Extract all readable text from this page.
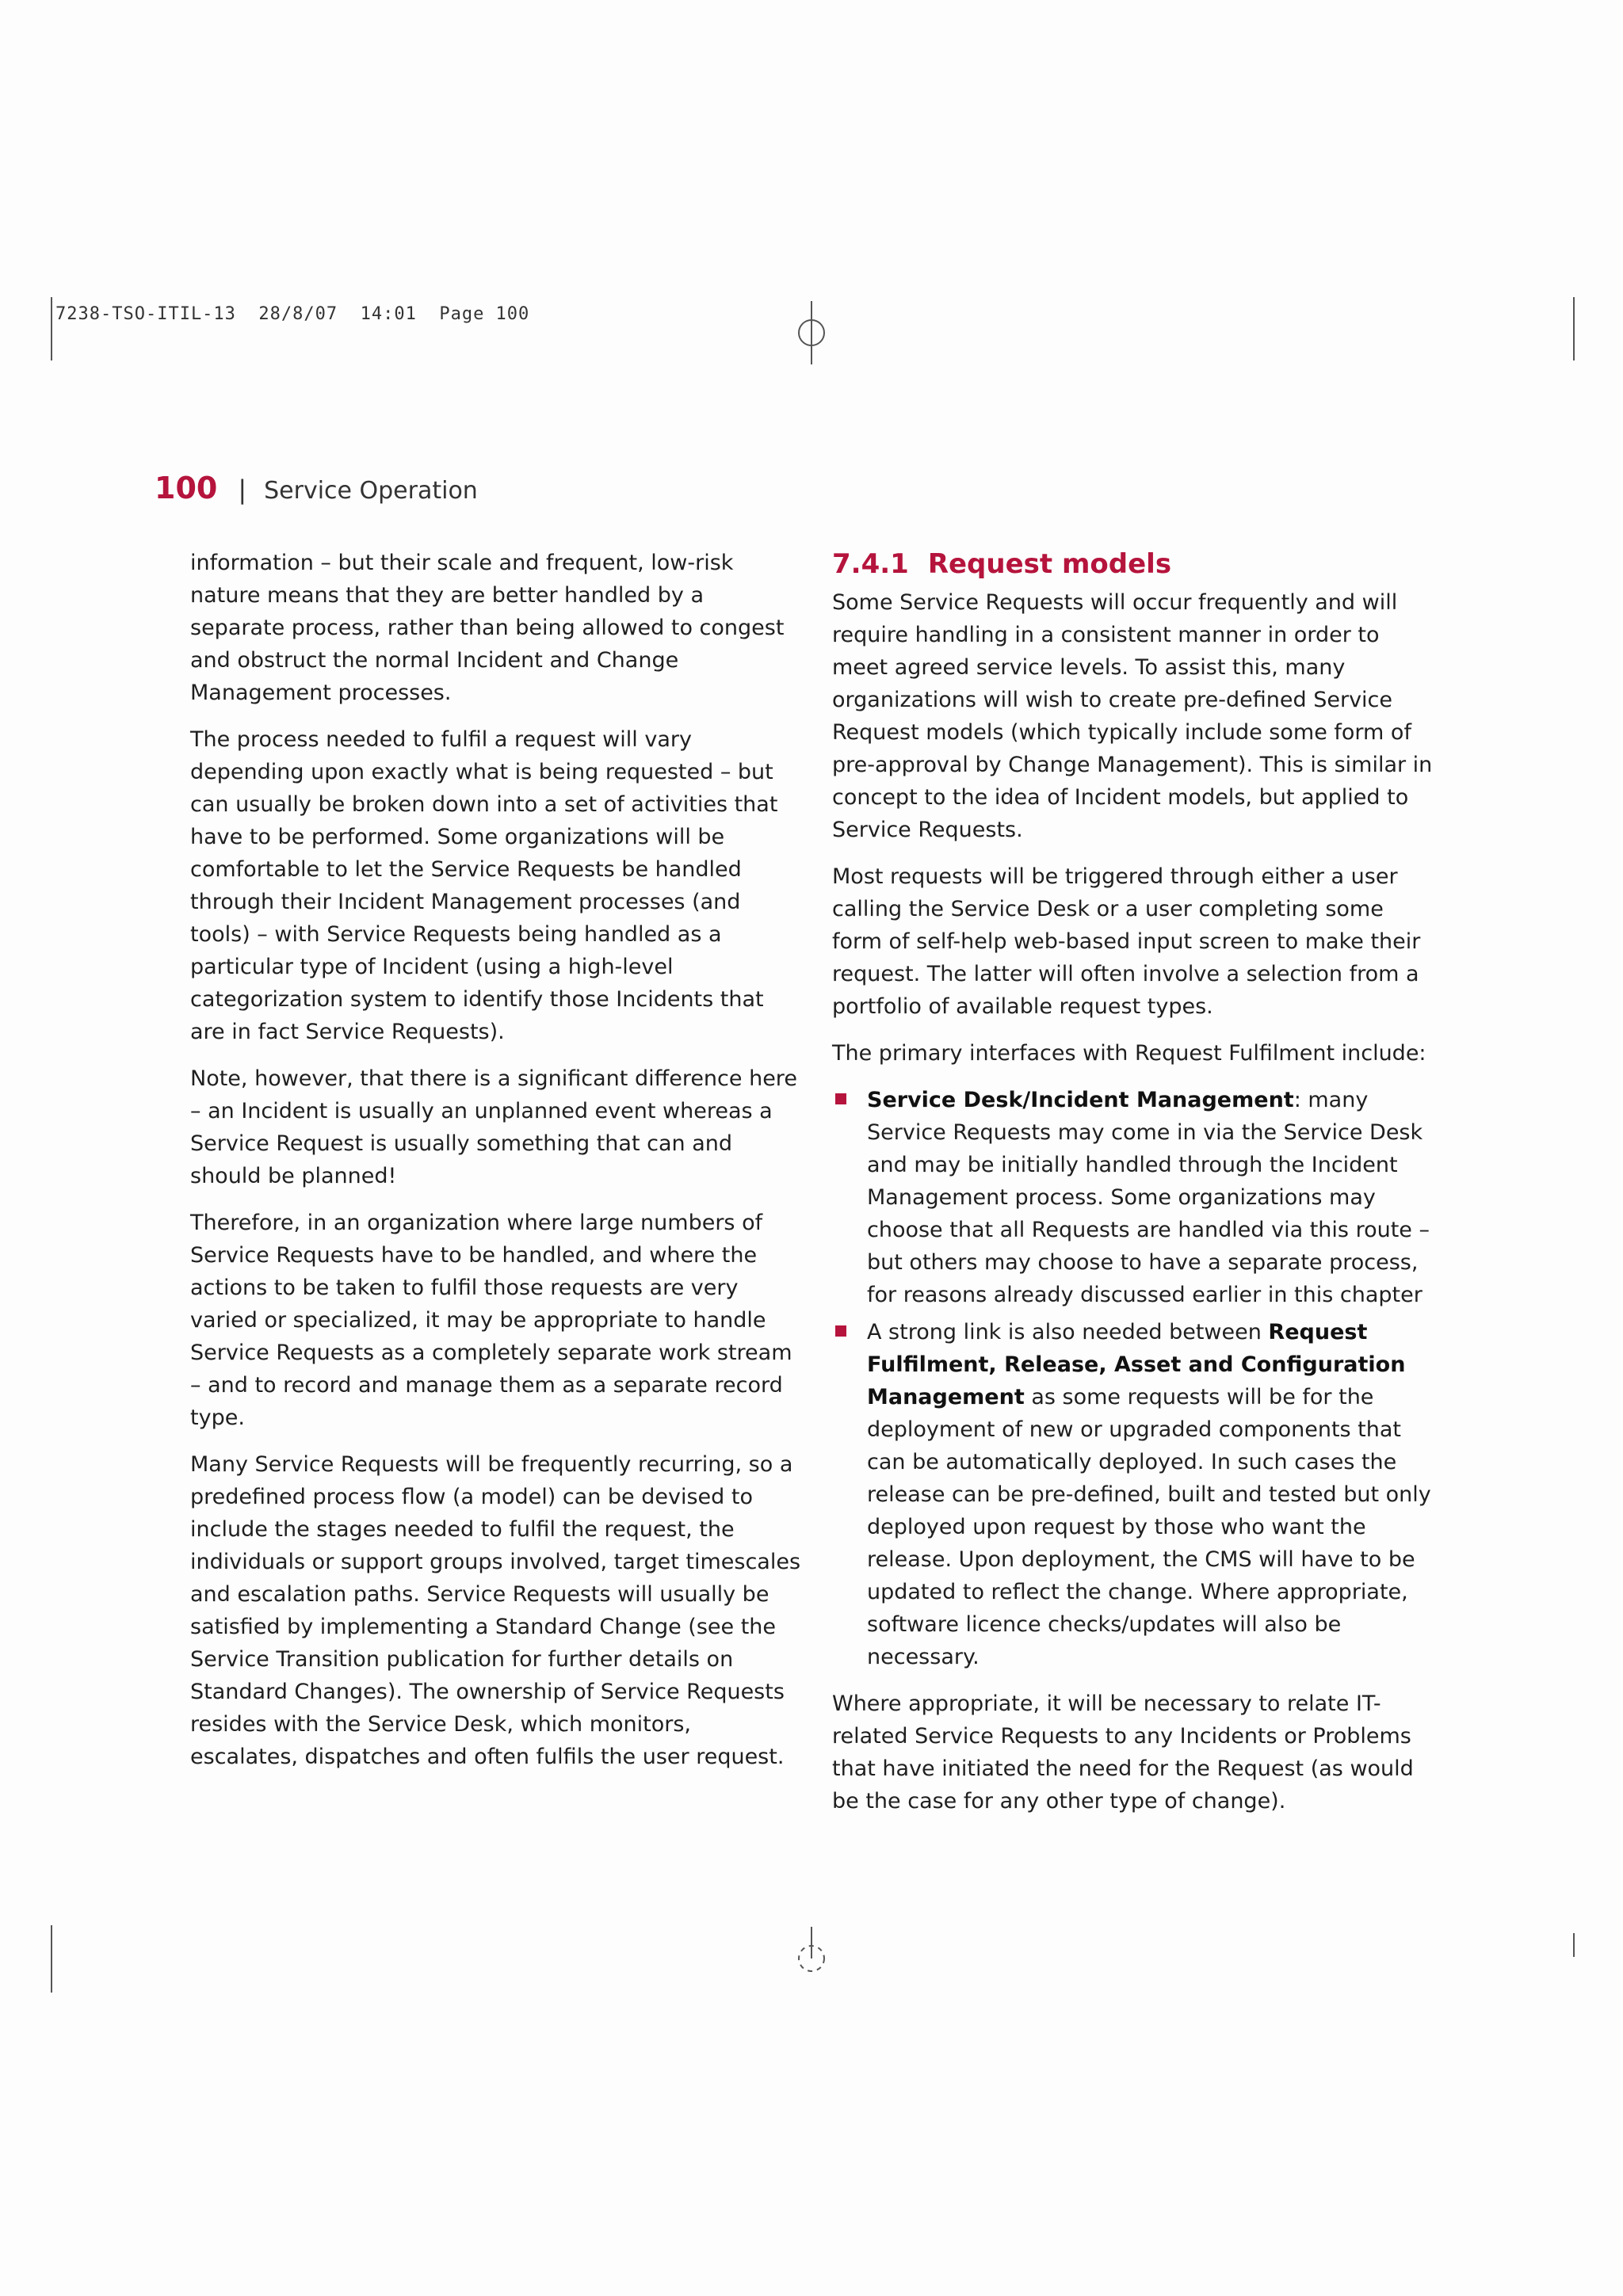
7238-TSO-ITIL-13  28/8/07  14:01  Page 100
100 | Service Operation

information – but their scale and frequent, low-risk nature means that they are better handled by a separate process, rather than being allowed to congest and obstruct the normal Incident and Change Management processes.

The process needed to fulfil a request will vary depending upon exactly what is being requested – but can usually be broken down into a set of activities that have to be performed. Some organizations will be comfortable to let the Service Requests be handled through their Incident Management processes (and tools) – with Service Requests being handled as a particular type of Incident (using a high-level categorization system to identify those Incidents that are in fact Service Requests).

Note, however, that there is a significant difference here – an Incident is usually an unplanned event whereas a Service Request is usually something that can and should be planned!

Therefore, in an organization where large numbers of Service Requests have to be handled, and where the actions to be taken to fulfil those requests are very varied or specialized, it may be appropriate to handle Service Requests as a completely separate work stream – and to record and manage them as a separate record type.

Many Service Requests will be frequently recurring, so a predefined process flow (a model) can be devised to include the stages needed to fulfil the request, the individuals or support groups involved, target timescales and escalation paths. Service Requests will usually be satisfied by implementing a Standard Change (see the Service Transition publication for further details on Standard Changes). The ownership of Service Requests resides with the Service Desk, which monitors, escalates, dispatches and often fulfils the user request.

7.4.1 Request models

Some Service Requests will occur frequently and will require handling in a consistent manner in order to meet agreed service levels. To assist this, many organizations will wish to create pre-defined Service Request models (which typically include some form of pre-approval by Change Management). This is similar in concept to the idea of Incident models, but applied to Service Requests.

Most requests will be triggered through either a user calling the Service Desk or a user completing some form of self-help web-based input screen to make their request. The latter will often involve a selection from a portfolio of available request types.

The primary interfaces with Request Fulfilment include:

Service Desk/Incident Management: many Service Requests may come in via the Service Desk and may be initially handled through the Incident Management process. Some organizations may choose that all Requests are handled via this route – but others may choose to have a separate process, for reasons already discussed earlier in this chapter
A strong link is also needed between Request Fulfilment, Release, Asset and Configuration Management as some requests will be for the deployment of new or upgraded components that can be automatically deployed. In such cases the release can be pre-defined, built and tested but only deployed upon request by those who want the release. Upon deployment, the CMS will have to be updated to reflect the change. Where appropriate, software licence checks/updates will also be necessary.

Where appropriate, it will be necessary to relate IT-related Service Requests to any Incidents or Problems that have initiated the need for the Request (as would be the case for any other type of change).
